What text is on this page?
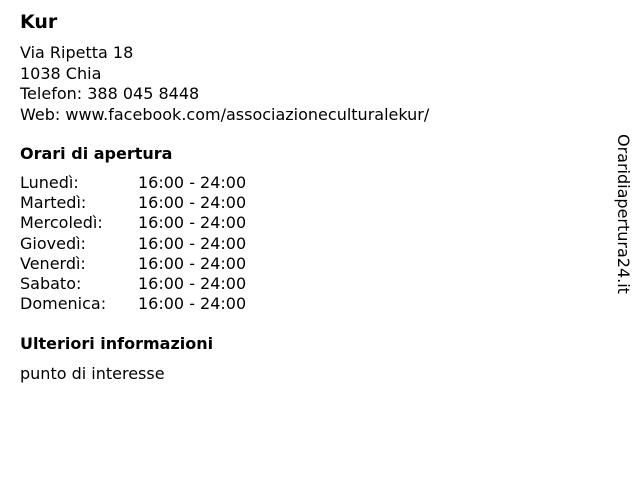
Kur
Via Ripetta 18
1038 Chia
Telefon: 388 045 8448
Web: www.facebook.com/associazioneculturalekur/
Orari di apertura
Lunedì:	16:00 - 24:00
Martedì:	16:00 - 24:00
Mercoledì: 16:00 - 24:00
Giovedì:	16:00 - 24:00
Venerdì:	16:00 - 24:00
Sabato:	16:00 - 24:00
Domenica: 16:00 - 24:00
Ulteriori informazioni
punto di interesse
Oraridiapertura24.it
